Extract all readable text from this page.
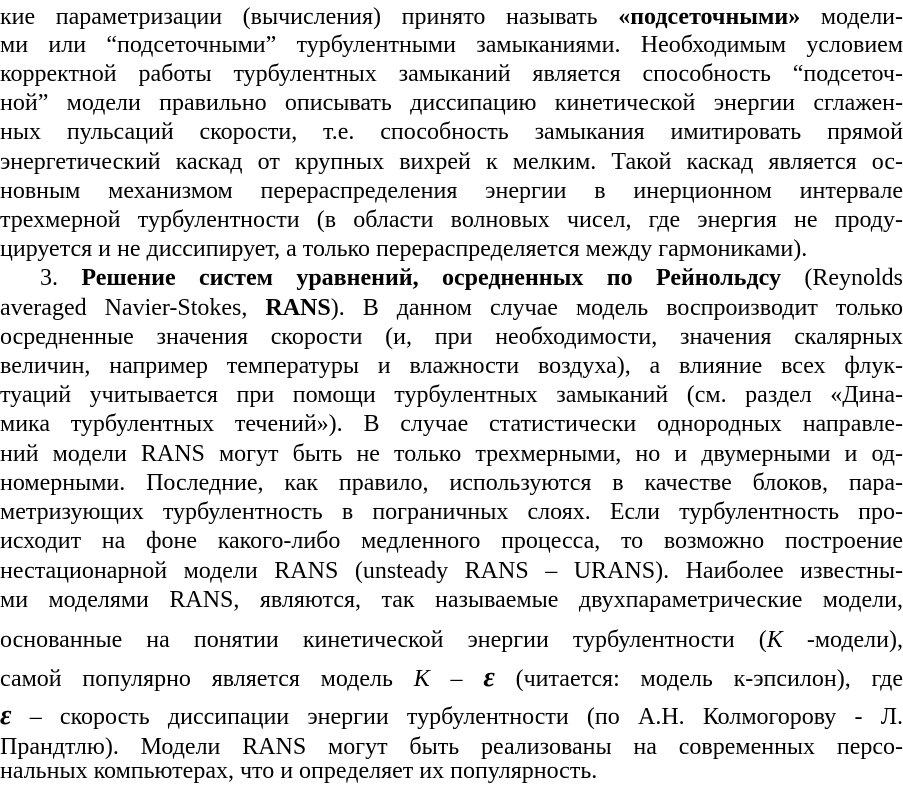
кие параметризации (вычисления) принято называть «подсеточными» модели-
ми или “подсеточными” турбулентными замыканиями. Необходимым условием
корректной работы турбулентных замыканий является способность “подсеточ-
ной” модели правильно описывать диссипацию кинетической энергии сглажен-
ных пульсаций скорости, т.е. способность замыкания имитировать прямой
энергетический каскад от крупных вихрей к мелким. Такой каскад является ос-
новным механизмом перераспределения энергии в инерционном интервале
трехмерной турбулентности (в области волновых чисел, где энергия не проду-
цируется и не диссипирует, а только перераспределяется между гармониками).
3. Решение систем уравнений, осредненных по Рейнольдсу (Reynolds
averaged Navier-Stokes, RANS). В данном случае модель воспроизводит только
осредненные значения скорости (и, при необходимости, значения скалярных
величин, например температуры и влажности воздуха), а влияние всех флук-
туаций учитывается при помощи турбулентных замыканий (см. раздел «Дина-
мика турбулентных течений»). В случае статистически однородных направле-
ний модели RANS могут быть не только трехмерными, но и двумерными и од-
номерными. Последние, как правило, используются в качестве блоков, пара-
метризующих турбулентность в пограничных слоях. Если турбулентность про-
исходит на фоне какого-либо медленного процесса, то возможно построение
нестационарной модели RANS (unsteady RANS – URANS). Наиболее известны-
ми моделями RANS, являются, так называемые двухпараметрические модели,
основанные на понятии кинетической энергии турбулентности (K -модели),
самой популярно является модель K – ε (читается: модель к-эпсилон), где
ε – скорость диссипации энергии турбулентности (по А.Н. Колмогорову - Л.
Прандтлю). Модели RANS могут быть реализованы на современных персо-
нальных компьютерах, что и определяет их популярность.
